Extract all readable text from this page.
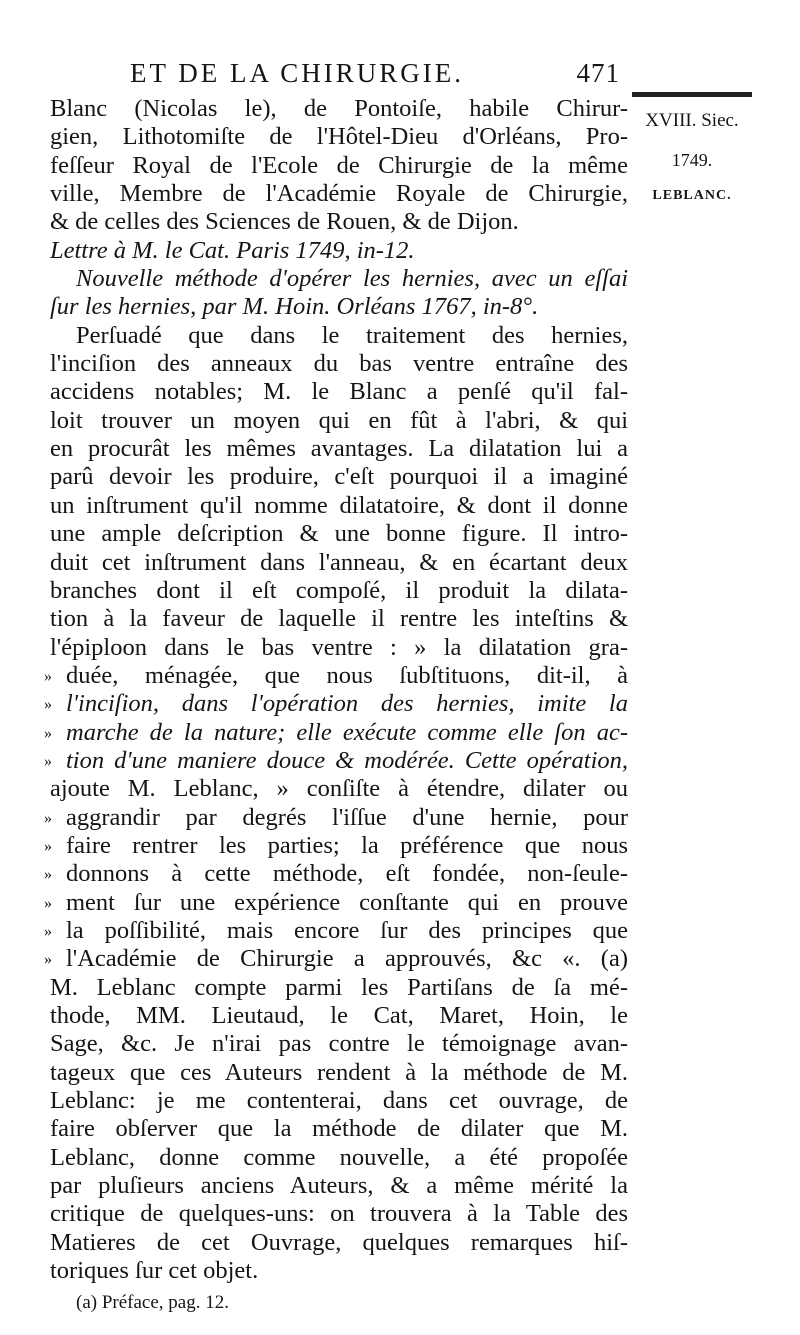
ET DE LA CHIRURGIE.	471
XVIII. Siec.
1749.
LEBLANC.
Blanc (Nicolas le), de Pontoiſe, habile Chirur-
gien, Lithotomiſte de l'Hôtel-Dieu d'Orléans, Pro-
feſſeur Royal de l'Ecole de Chirurgie de la même
ville, Membre de l'Académie Royale de Chirurgie,
& de celles des Sciences de Rouen, & de Dijon.
Lettre à M. le Cat. Paris 1749, in-12.
Nouvelle méthode d'opérer les hernies, avec un eſſai
ſur les hernies, par M. Hoin. Orléans 1767, in-8°.
Perſuadé que dans le traitement des hernies,
l'inciſion des anneaux du bas ventre entraîne des
accidens notables; M. le Blanc a penſé qu'il fal-
loit trouver un moyen qui en fût à l'abri, & qui
en procurât les mêmes avantages. La dilatation lui a
parû devoir les produire, c'eſt pourquoi il a imaginé
un inſtrument qu'il nomme dilatatoire, & dont il donne
une ample deſcription & une bonne figure. Il intro-
duit cet inſtrument dans l'anneau, & en écartant deux
branches dont il eſt compoſé, il produit la dilata-
tion à la faveur de laquelle il rentre les inteſtins &
l'épiploon dans le bas ventre : » la dilatation gra-
» duée, ménagée, que nous ſubſtituons, dit-il, à
» l'inciſion, dans l'opération des hernies, imite la
» marche de la nature; elle exécute comme elle ſon ac-
» tion d'une maniere douce & modérée. Cette opération,
ajoute M. Leblanc, » conſiſte à étendre, dilater ou
» aggrandir par degrés l'iſſue d'une hernie, pour
» faire rentrer les parties; la préférence que nous
» donnons à cette méthode, eſt fondée, non-ſeule-
» ment ſur une expérience conſtante qui en prouve
» la poſſibilité, mais encore ſur des principes que
» l'Académie de Chirurgie a approuvés, &c «. (a)
M. Leblanc compte parmi les Partiſans de ſa mé-
thode, MM. Lieutaud, le Cat, Maret, Hoin, le
Sage, &c. Je n'irai pas contre le témoignage avan-
tageux que ces Auteurs rendent à la méthode de M.
Leblanc: je me contenterai, dans cet ouvrage, de
faire obſerver que la méthode de dilater que M.
Leblanc, donne comme nouvelle, a été propoſée
par pluſieurs anciens Auteurs, & a même mérité la
critique de quelques-uns: on trouvera à la Table des
Matieres de cet Ouvrage, quelques remarques hiſ-
toriques ſur cet objet.
(a) Préface, pag. 12.
